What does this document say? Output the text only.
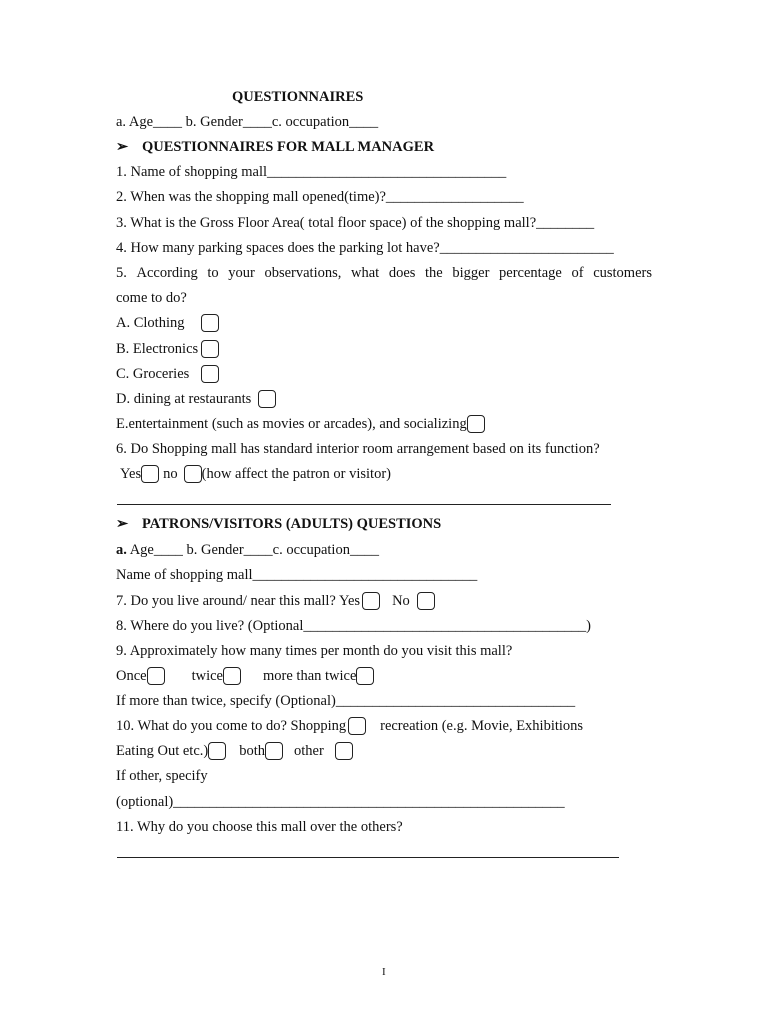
QUESTIONNAIRES
a. Age____ b. Gender____c. occupation____
➢ QUESTIONNAIRES FOR MALL MANAGER
1. Name of shopping mall_________________________________
2. When was the shopping mall opened(time)?___________________
3. What is the Gross Floor Area( total floor space) of the shopping mall?________
4. How many parking spaces does the parking lot have?________________________
5. According to your observations, what does the bigger percentage of customers
come to do?
A. Clothing
B. Electronics
C. Groceries
D. dining at restaurants
E.entertainment (such as movies or arcades), and socializing
6. Do Shopping mall has standard interior room arrangement based on its function?
Yes no (how affect the patron or visitor)
➢ PATRONS/VISITORS (ADULTS) QUESTIONS
a. Age____ b. Gender____c. occupation____
Name of shopping mall_______________________________
7. Do you live around/ near this mall? Yes No
8. Where do you live? (Optional_______________________________________)
9. Approximately how many times per month do you visit this mall?
Once	twice	more than twice
If more than twice, specify (Optional)_________________________________
10. What do you come to do? Shopping recreation (e.g. Movie, Exhibitions
Eating Out etc.) both other
If other, specify
(optional)______________________________________________________
11. Why do you choose this mall over the others?
I
